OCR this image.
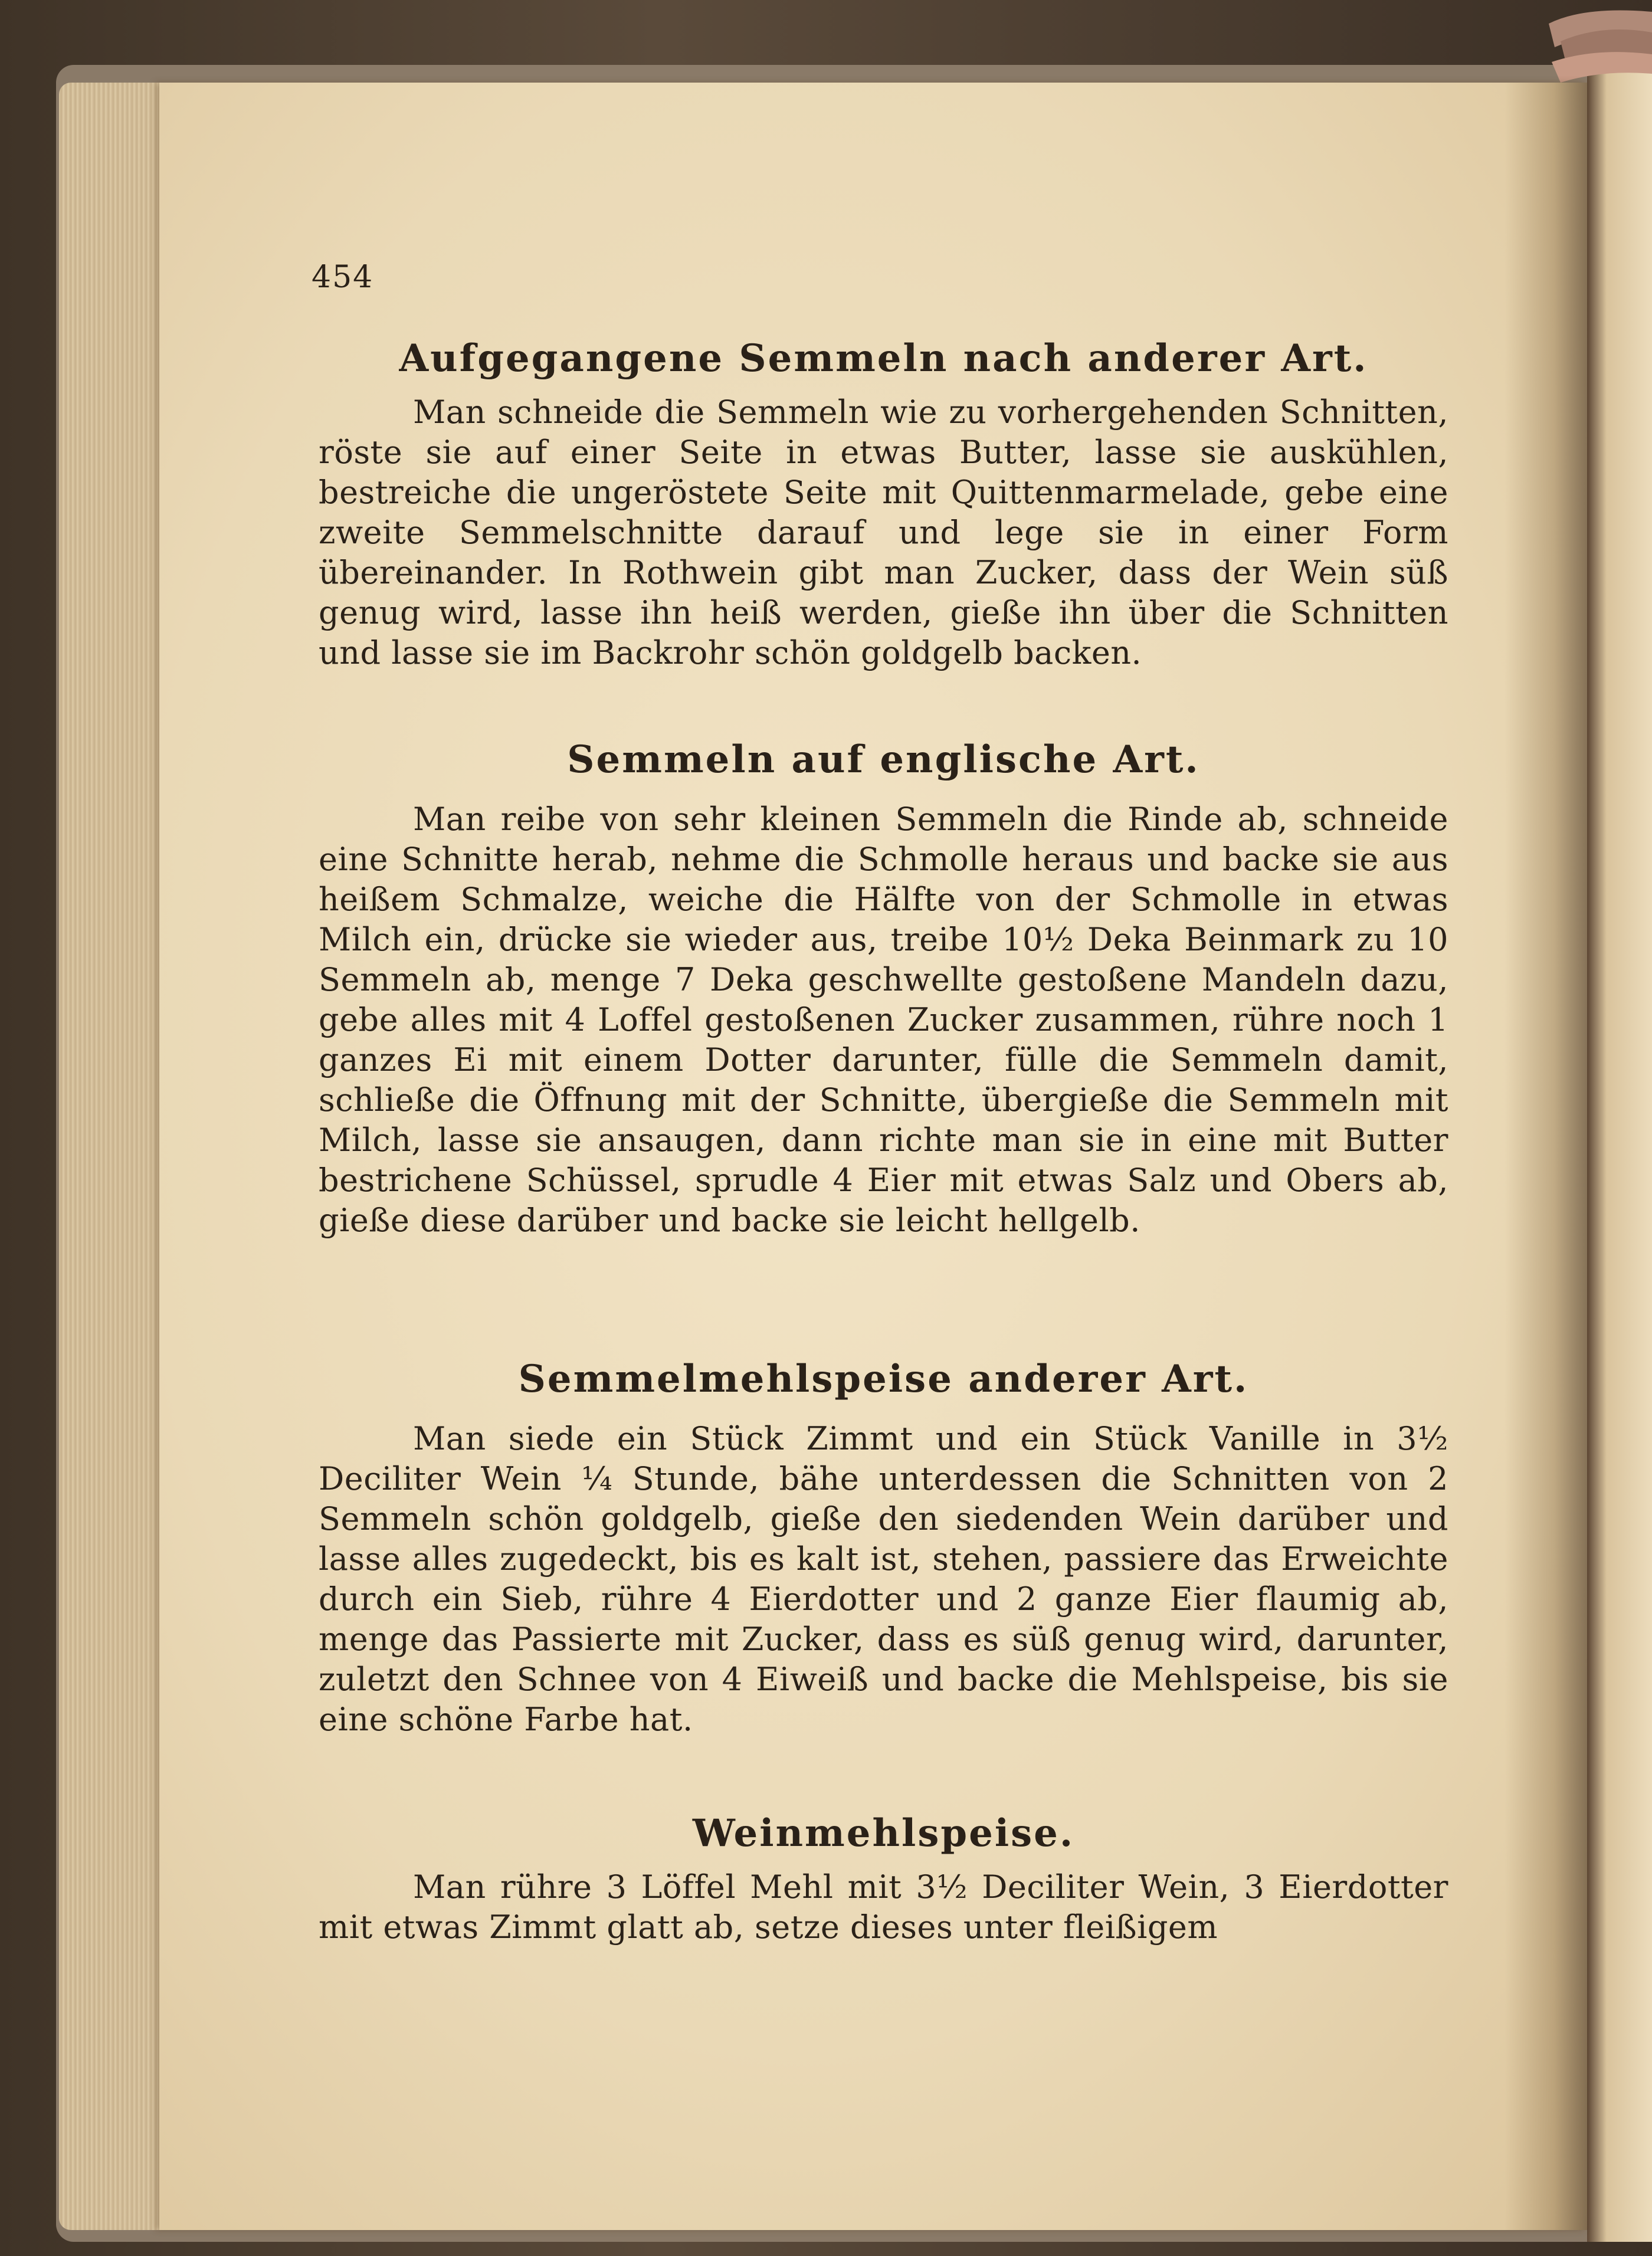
454
Aufgegangene Semmeln nach anderer Art.
Man schneide die Semmeln wie zu vorhergehenden Schnitten, röste sie auf einer Seite in etwas Butter, lasse sie auskühlen, bestreiche die ungeröstete Seite mit Quittenmarmelade, gebe eine zweite Semmelschnitte darauf und lege sie in einer Form übereinander. In Rothwein gibt man Zucker, dass der Wein süß genug wird, lasse ihn heiß werden, gieße ihn über die Schnitten und lasse sie im Backrohr schön goldgelb backen.
Semmeln auf englische Art.
Man reibe von sehr kleinen Semmeln die Rinde ab, schneide eine Schnitte herab, nehme die Schmolle heraus und backe sie aus heißem Schmalze, weiche die Hälfte von der Schmolle in etwas Milch ein, drücke sie wieder aus, treibe 10½ Deka Beinmark zu 10 Semmeln ab, menge 7 Deka geschwellte gestoßene Mandeln dazu, gebe alles mit 4 Loffel gestoßenen Zucker zusammen, rühre noch 1 ganzes Ei mit einem Dotter darunter, fülle die Semmeln damit, schließe die Öffnung mit der Schnitte, übergieße die Semmeln mit Milch, lasse sie ansaugen, dann richte man sie in eine mit Butter bestrichene Schüssel, sprudle 4 Eier mit etwas Salz und Obers ab, gieße diese darüber und backe sie leicht hellgelb.
Semmelmehlspeise anderer Art.
Man siede ein Stück Zimmt und ein Stück Vanille in 3½ Deciliter Wein ¼ Stunde, bähe unterdessen die Schnitten von 2 Semmeln schön goldgelb, gieße den siedenden Wein darüber und lasse alles zugedeckt, bis es kalt ist, stehen, passiere das Erweichte durch ein Sieb, rühre 4 Eierdotter und 2 ganze Eier flaumig ab, menge das Passierte mit Zucker, dass es süß genug wird, darunter, zuletzt den Schnee von 4 Eiweiß und backe die Mehlspeise, bis sie eine schöne Farbe hat.
Weinmehlspeise.
Man rühre 3 Löffel Mehl mit 3½ Deciliter Wein, 3 Eierdotter mit etwas Zimmt glatt ab, setze dieses unter fleißigem
